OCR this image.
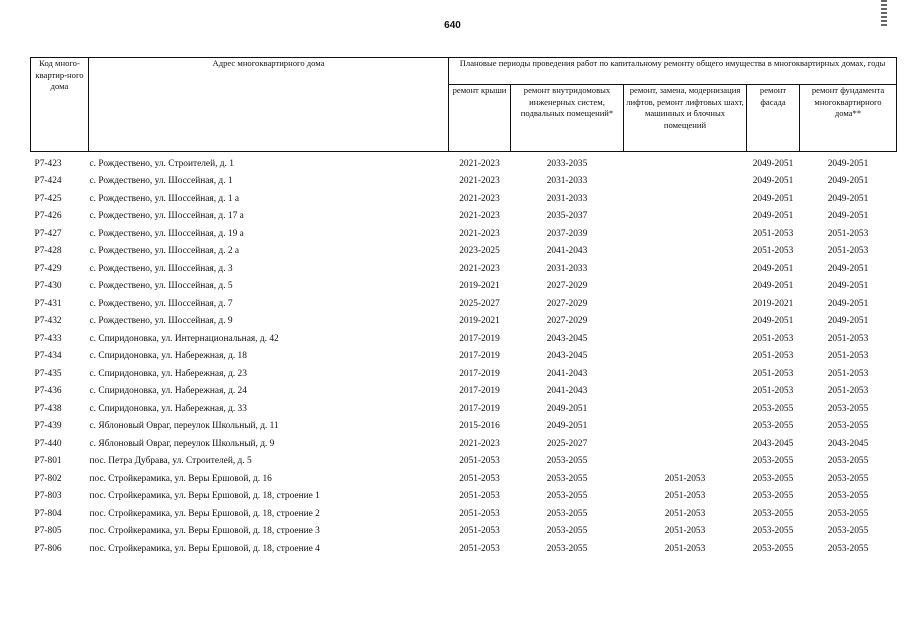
640
Код много-квартир-ного дома	Адрес многоквартирного дома	Плановые периоды проведения работ по капитальному ремонту общего имущества в многоквартирных домах, годы				
		ремонт крыши	ремонт внутридомовых инженерных систем, подвальных помещений*	ремонт, замена, модернизация лифтов, ремонт лифтовых шахт, машинных и блочных помещений	ремонт фасада	ремонт фундамента многоквартирного дома**

Р7-423	с. Рождествено, ул. Строителей, д. 1	2021-2023	2033-2035		2049-2051	2049-2051
Р7-424	с. Рождествено, ул. Шоссейная, д. 1	2021-2023	2031-2033		2049-2051	2049-2051
Р7-425	с. Рождествено, ул. Шоссейная, д. 1 а	2021-2023	2031-2033		2049-2051	2049-2051
Р7-426	с. Рождествено, ул. Шоссейная, д. 17 а	2021-2023	2035-2037		2049-2051	2049-2051
Р7-427	с. Рождествено, ул. Шоссейная, д. 19 а	2021-2023	2037-2039		2051-2053	2051-2053
Р7-428	с. Рождествено, ул. Шоссейная, д. 2 а	2023-2025	2041-2043		2051-2053	2051-2053
Р7-429	с. Рождествено, ул. Шоссейная, д. 3	2021-2023	2031-2033		2049-2051	2049-2051
Р7-430	с. Рождествено, ул. Шоссейная, д. 5	2019-2021	2027-2029		2049-2051	2049-2051
Р7-431	с. Рождествено, ул. Шоссейная, д. 7	2025-2027	2027-2029		2019-2021	2049-2051
Р7-432	с. Рождествено, ул. Шоссейная, д. 9	2019-2021	2027-2029		2049-2051	2049-2051
Р7-433	с. Спиридоновка, ул. Интернациональная, д. 42	2017-2019	2043-2045		2051-2053	2051-2053
Р7-434	с. Спиридоновка, ул. Набережная, д. 18	2017-2019	2043-2045		2051-2053	2051-2053
Р7-435	с. Спиридоновка, ул. Набережная, д. 23	2017-2019	2041-2043		2051-2053	2051-2053
Р7-436	с. Спиридоновка, ул. Набережная, д. 24	2017-2019	2041-2043		2051-2053	2051-2053
Р7-438	с. Спиридоновка, ул. Набережная, д. 33	2017-2019	2049-2051		2053-2055	2053-2055
Р7-439	с. Яблоновый Овраг, переулок Школьный, д. 11	2015-2016	2049-2051		2053-2055	2053-2055
Р7-440	с. Яблоновый Овраг, переулок Школьный, д. 9	2021-2023	2025-2027		2043-2045	2043-2045
Р7-801	пос. Петра Дубрава, ул. Строителей, д. 5	2051-2053	2053-2055		2053-2055	2053-2055
Р7-802	пос. Стройкерамика, ул. Веры Ершовой, д. 16	2051-2053	2053-2055	2051-2053	2053-2055	2053-2055
Р7-803	пос. Стройкерамика, ул. Веры Ершовой, д. 18, строение 1	2051-2053	2053-2055	2051-2053	2053-2055	2053-2055
Р7-804	пос. Стройкерамика, ул. Веры Ершовой, д. 18, строение 2	2051-2053	2053-2055	2051-2053	2053-2055	2053-2055
Р7-805	пос. Стройкерамика, ул. Веры Ершовой, д. 18, строение 3	2051-2053	2053-2055	2051-2053	2053-2055	2053-2055
Р7-806	пос. Стройкерамика, ул. Веры Ершовой, д. 18, строение 4	2051-2053	2053-2055	2051-2053	2053-2055	2053-2055
